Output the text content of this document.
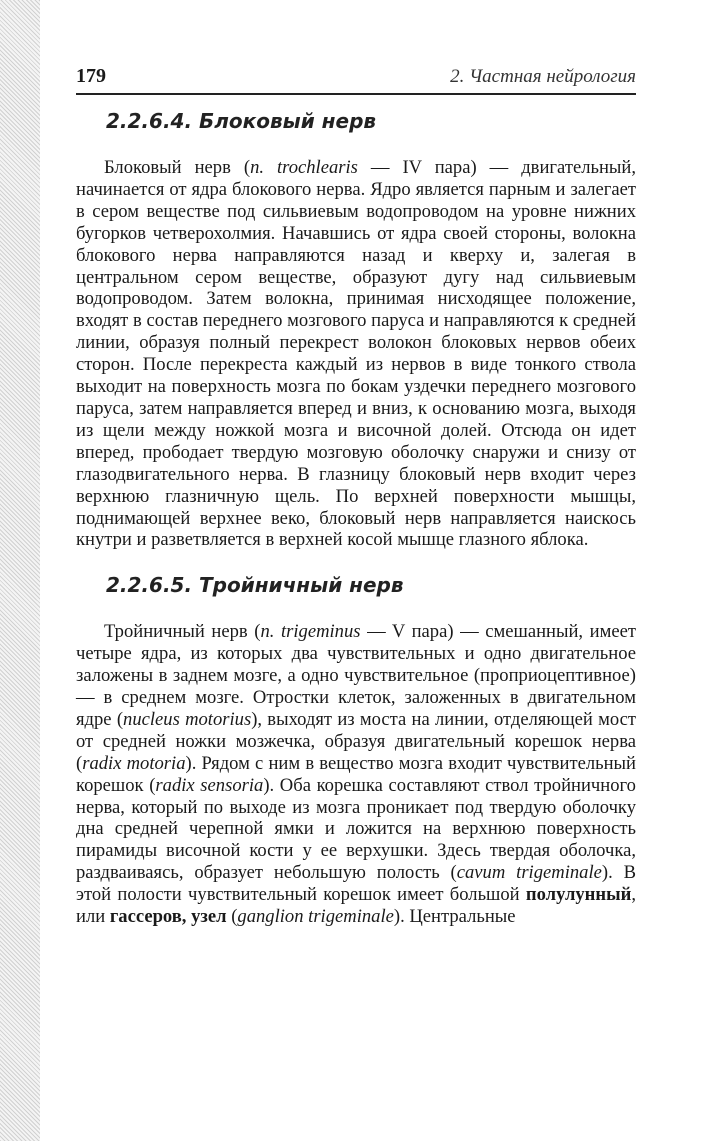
179	2. Частная нейрология
2.2.6.4. Блоковый нерв
Блоковый нерв (n. trochlearis — IV пара) — двигательный, начинается от ядра блокового нерва. Ядро является парным и залегает в сером веществе под сильвиевым водопроводом на уровне нижних бугорков четверохолмия. Начавшись от ядра своей стороны, волокна блокового нерва направляются назад и кверху и, залегая в центральном сером веществе, образуют дугу над сильвиевым водопроводом. Затем волокна, принимая нисходящее положение, входят в состав переднего мозгового паруса и направляются к средней линии, образуя полный перекрест волокон блоковых нервов обеих сторон. После перекреста каждый из нервов в виде тонкого ствола выходит на поверхность мозга по бокам уздечки переднего мозгового паруса, затем направляется вперед и вниз, к основанию мозга, выходя из щели между ножкой мозга и височной долей. Отсюда он идет вперед, прободает твердую мозговую оболочку снаружи и снизу от глазодвигательного нерва. В глазницу блоковый нерв входит через верхнюю глазничную щель. По верхней поверхности мышцы, поднимающей верхнее веко, блоковый нерв направляется наискось кнутри и разветвляется в верхней косой мышце глазного яблока.
2.2.6.5. Тройничный нерв
Тройничный нерв (n. trigeminus — V пара) — смешанный, имеет четыре ядра, из которых два чувствительных и одно двигательное заложены в заднем мозге, а одно чувствительное (проприоцептивное) — в среднем мозге. Отростки клеток, заложенных в двигательном ядре (nucleus motorius), выходят из моста на линии, отделяющей мост от средней ножки мозжечка, образуя двигательный корешок нерва (radix motoria). Рядом с ним в вещество мозга входит чувствительный корешок (radix sensoria). Оба корешка составляют ствол тройничного нерва, который по выходе из мозга проникает под твердую оболочку дна средней черепной ямки и ложится на верхнюю поверхность пирамиды височной кости у ее верхушки. Здесь твердая оболочка, раздваиваясь, образует небольшую полость (cavum trigeminale). В этой полости чувствительный корешок имеет большой полулунный, или гассеров, узел (ganglion trigeminale). Центральные
